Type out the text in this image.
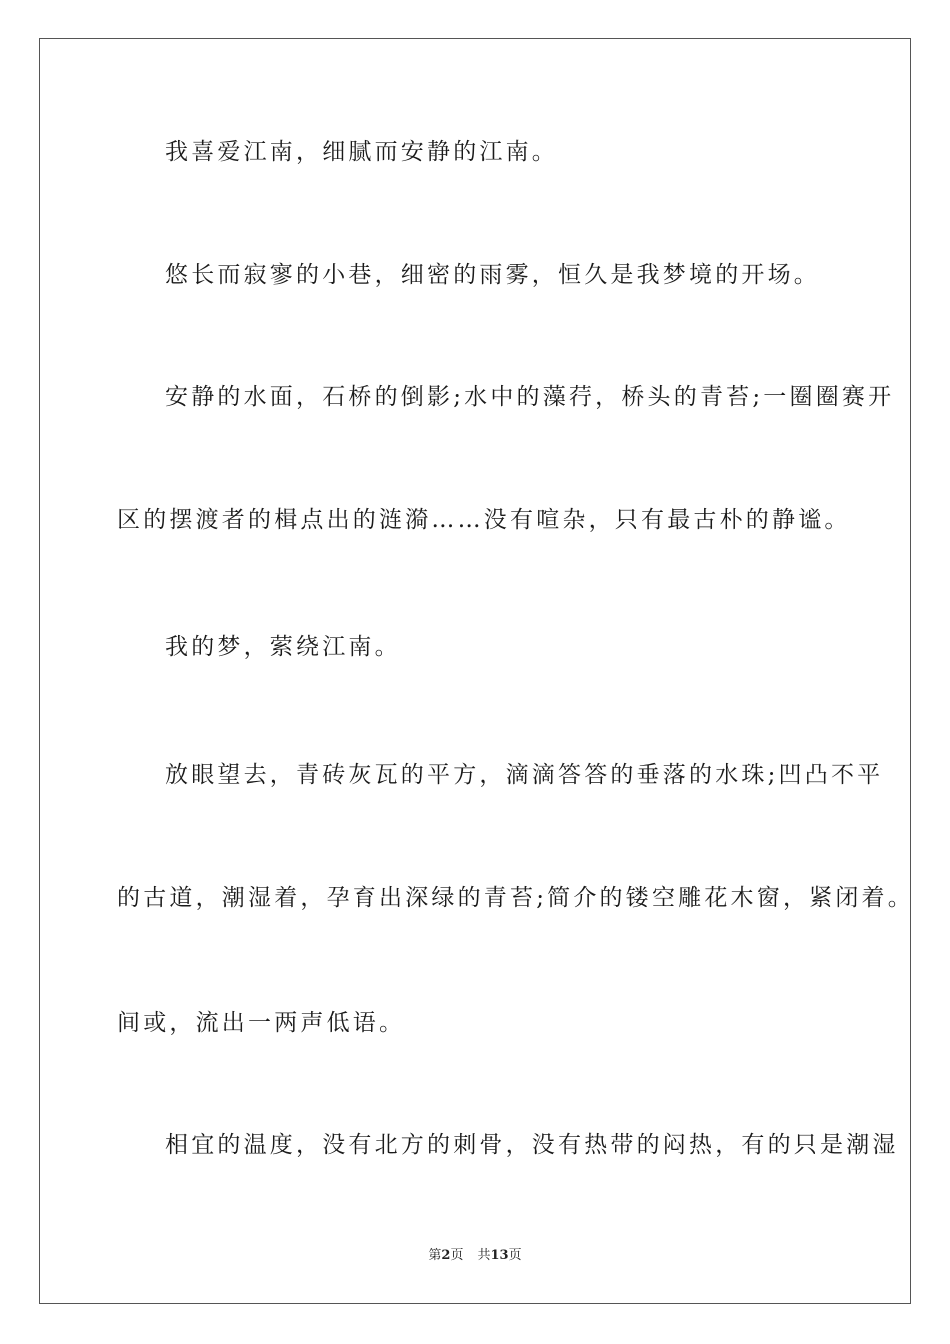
我喜爱江南，细腻而安静的江南。
悠长而寂寥的小巷，细密的雨雾，恒久是我梦境的开场。
安静的水面，石桥的倒影;水中的藻荇，桥头的青苔;一圈圈赛开
区的摆渡者的楫点出的涟漪……没有喧杂，只有最古朴的静谧。
我的梦，萦绕江南。
放眼望去，青砖灰瓦的平方，滴滴答答的垂落的水珠;凹凸不平
的古道，潮湿着，孕育出深绿的青苔;简介的镂空雕花木窗，紧闭着。
间或，流出一两声低语。
相宜的温度，没有北方的刺骨，没有热带的闷热，有的只是潮湿
第2页 共13页
